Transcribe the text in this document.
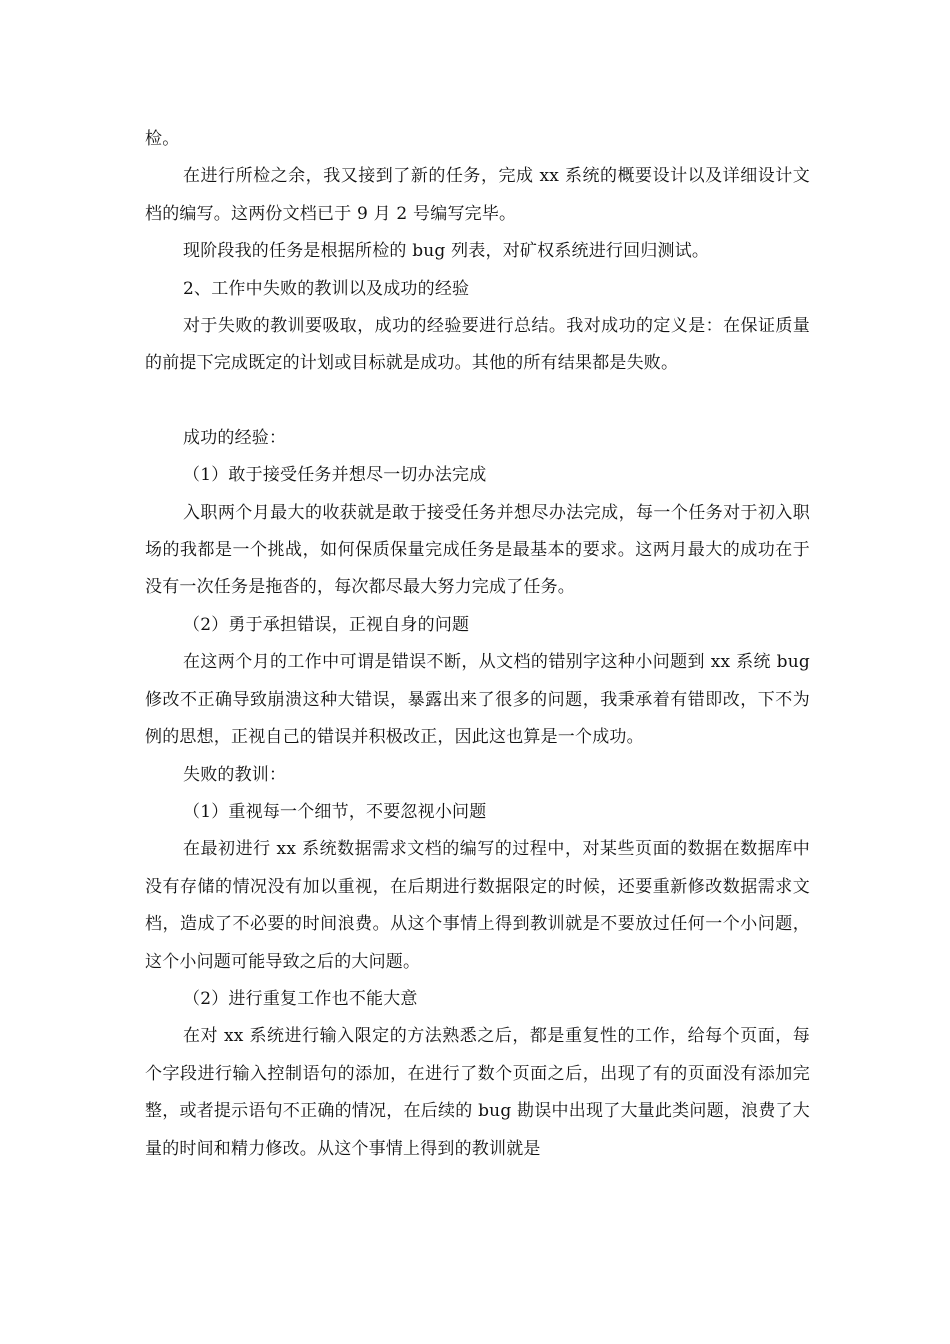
检。

在进行所检之余，我又接到了新的任务，完成 xx 系统的概要设计以及详细设计文档的编写。这两份文档已于 9 月 2 号编写完毕。

现阶段我的任务是根据所检的 bug 列表，对矿权系统进行回归测试。

2、工作中失败的教训以及成功的经验

对于失败的教训要吸取，成功的经验要进行总结。我对成功的定义是：在保证质量的前提下完成既定的计划或目标就是成功。其他的所有结果都是失败。

成功的经验：

（1）敢于接受任务并想尽一切办法完成

入职两个月最大的收获就是敢于接受任务并想尽办法完成，每一个任务对于初入职场的我都是一个挑战，如何保质保量完成任务是最基本的要求。这两月最大的成功在于没有一次任务是拖沓的，每次都尽最大努力完成了任务。

（2）勇于承担错误，正视自身的问题

在这两个月的工作中可谓是错误不断，从文档的错别字这种小问题到 xx 系统 bug 修改不正确导致崩溃这种大错误，暴露出来了很多的问题，我秉承着有错即改，下不为例的思想，正视自己的错误并积极改正，因此这也算是一个成功。

失败的教训：

（1）重视每一个细节，不要忽视小问题

在最初进行 xx 系统数据需求文档的编写的过程中，对某些页面的数据在数据库中没有存储的情况没有加以重视，在后期进行数据限定的时候，还要重新修改数据需求文档，造成了不必要的时间浪费。从这个事情上得到教训就是不要放过任何一个小问题，这个小问题可能导致之后的大问题。

（2）进行重复工作也不能大意

在对 xx 系统进行输入限定的方法熟悉之后，都是重复性的工作，给每个页面，每个字段进行输入控制语句的添加，在进行了数个页面之后，出现了有的页面没有添加完整，或者提示语句不正确的情况，在后续的 bug 勘误中出现了大量此类问题，浪费了大量的时间和精力修改。从这个事情上得到的教训就是
